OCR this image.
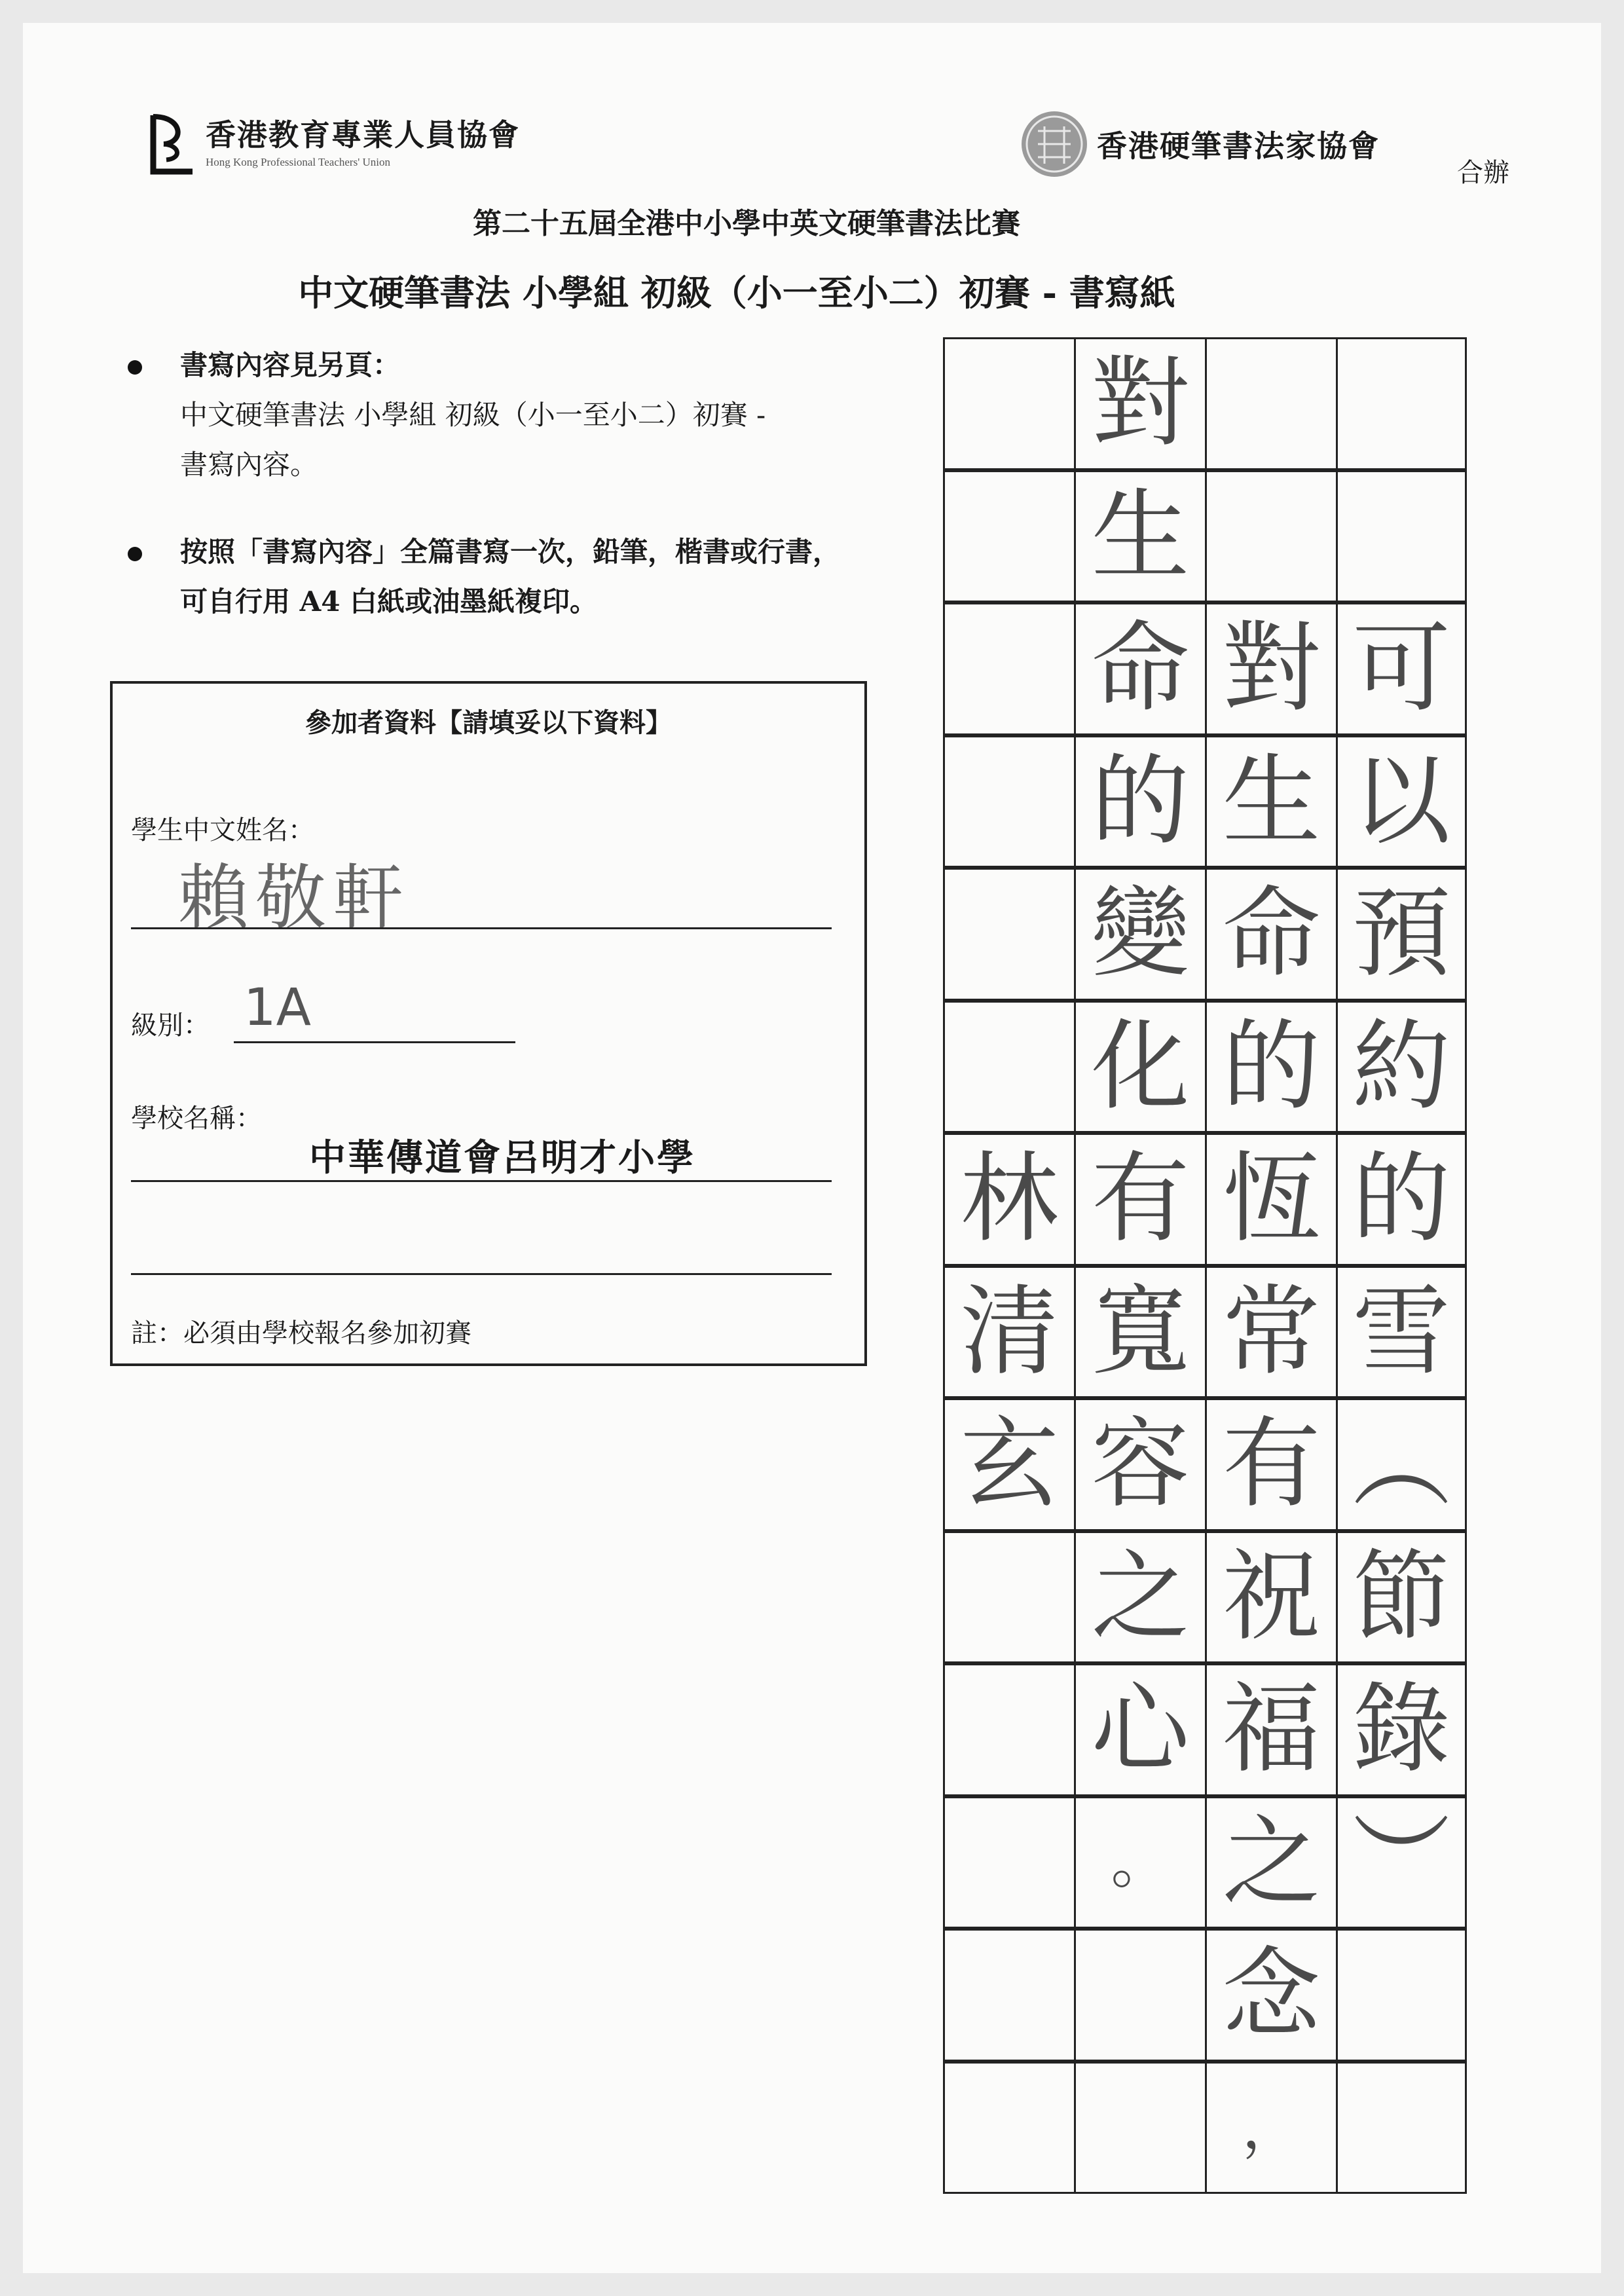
香港教育專業人員協會
Hong Kong Professional Teachers' Union	香港硬筆書法家協會
合辦
第二十五屆全港中小學中英文硬筆書法比賽
中文硬筆書法 小學組 初級（小一至小二）初賽 - 書寫紙
書寫內容見另頁：
中文硬筆書法 小學組 初級（小一至小二）初賽 -
書寫內容。
按照「書寫內容」全篇書寫一次，鉛筆，楷書或行書，
可自行用 A4 白紙或油墨紙複印。
參加者資料【請填妥以下資料】
學生中文姓名：
賴敬軒
級別： 1A
學校名稱：
中華傳道會呂明才小學
註：必須由學校報名參加初賽
可
以
預
約
的
雪
︵
節
錄
︶
對
生
命
的
恆
常
有
祝
福
之
念
，
對
生
命
的
變
化
有
寬
容
之
心
。
林
清
玄
